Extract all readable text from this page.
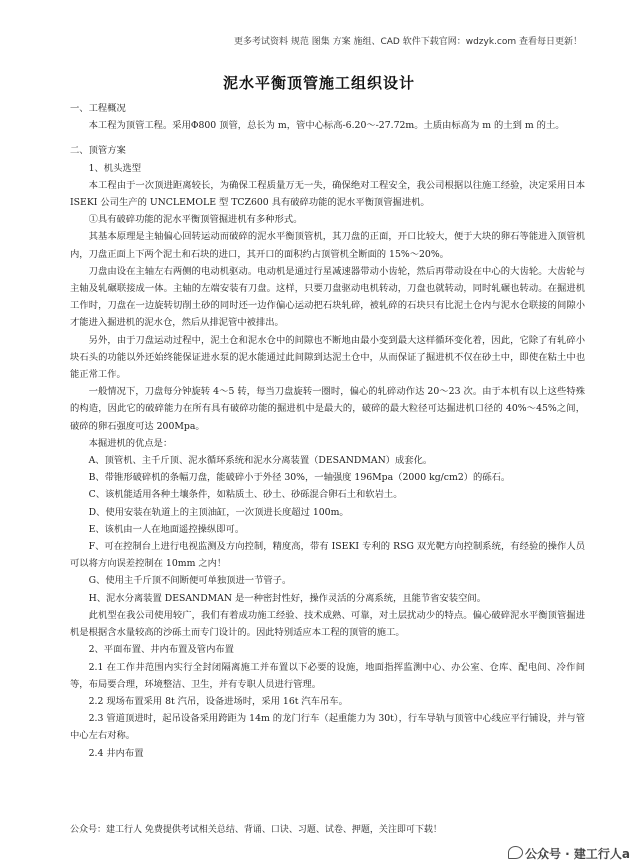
更多考试资料 规范 图集 方案 施组、CAD 软件下载官网：wdzyk.com 查看每日更新！
泥水平衡顶管施工组织设计

一、工程概况

本工程为顶管工程。采用Φ800 顶管，总长为 m，管中心标高-6.20～-27.72m。土质由标高为 m 的土到 m 的土。

二、顶管方案

1、机头选型

本工程由于一次顶进距离较长，为确保工程质量万无一失，确保绝对工程安全，我公司根据以往施工经验，决定采用日本 ISEKI 公司生产的 UNCLEMOLE 型 TCZ600 具有破碎功能的泥水平衡顶管掘进机。

①具有破碎功能的泥水平衡顶管掘进机有多种形式。

其基本原理是主轴偏心回转运动而破碎的泥水平衡顶管机，其刀盘的正面，开口比较大，便于大块的卵石等能进入顶管机内，刀盘正面上下两个泥土和石块的进口，其开口的面积约占顶管机全断面的 15%～20%。

刀盘由设在主轴左右两侧的电动机驱动。电动机是通过行星减速器带动小齿轮，然后再带动设在中心的大齿轮。大齿轮与主轴及轧碾联接成一体。主轴的左端安装有刀盘。这样，只要刀盘驱动电机转动，刀盘也就转动，同时轧碾也转动。在掘进机工作时，刀盘在一边旋转切削土砂的同时还一边作偏心运动把石块轧碎，被轧碎的石块只有比泥土仓内与泥水仓联接的间隙小才能进入掘进机的泥水仓，然后从排泥管中被排出。

另外，由于刀盘运动过程中，泥土仓和泥水仓中的间隙也不断地由最小变到最大这样循环变化着，因此，它除了有轧碎小块石头的功能以外还始终能保证进水泵的泥水能通过此间隙到达泥土仓中，从而保证了掘进机不仅在砂土中，即使在粘土中也能正常工作。

一般情况下，刀盘每分钟旋转 4～5 转，每当刀盘旋转一圈时，偏心的轧碎动作达 20～23 次。由于本机有以上这些特殊的构造，因此它的破碎能力在所有具有破碎功能的掘进机中是最大的，破碎的最大粒径可达掘进机口径的 40%～45%之间，破碎的卵石强度可达 200Mpa。

本掘进机的优点是：

A、顶管机、主千斤顶、泥水循环系统和泥水分离装置（DESANDMAN）成套化。

B、带锥形破碎机的条幅刀盘，能破碎小于外径 30%，一轴强度 196Mpa（2000 kg/cm2）的砾石。

C、该机能适用各种土壤条件，如粘质土、砂土、砂砾混合卵石土和软岩土。

D、使用安装在轨道上的主顶油缸，一次顶进长度超过 100m。

E、该机由一人在地面遥控操纵即可。

F、可在控制台上进行电视监测及方向控制，精度高，带有 ISEKI 专利的 RSG 双光靶方向控制系统，有经验的操作人员可以将方向误差控制在 10mm 之内！

G、使用主千斤顶不间断便可单独顶进一节管子。

H、泥水分离装置 DESANDMAN 是一种密封性好，操作灵活的分离系统，且能节省安装空间。

此机型在我公司使用较广，我们有着成功施工经验、技术成熟、可靠，对土层扰动少的特点。偏心破碎泥水平衡顶管掘进机是根据含水量较高的沙砾土而专门设计的。因此特别适应本工程的顶管的施工。

2、平面布置、井内布置及管内布置

2.1 在工作井范围内实行全封闭隔离施工并布置以下必要的设施，地面指挥监测中心、办公室、仓库、配电间、冷作间等，布局要合理，环境整洁、卫生，并有专职人员进行管理。

2.2 现场布置采用 8t 汽吊，设备进场时，采用 16t 汽车吊车。

2.3 管道顶进时，起吊设备采用跨距为 14m 的龙门行车（起重能力为 30t），行车导轨与顶管中心线应平行铺设，并与管中心左右对称。

2.4 井内布置

公众号：建工行人 免费提供考试相关总结、背诵、口诀、习题、试卷、押题，关注即可下载！
公众号 · 建工行人a
